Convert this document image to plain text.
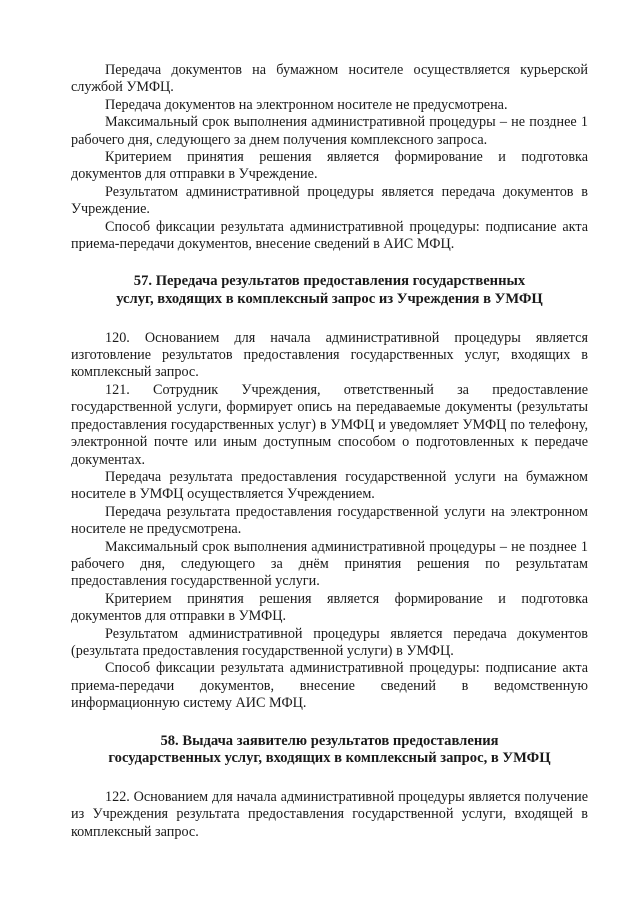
Передача документов на бумажном носителе осуществляется курьерской службой УМФЦ.

Передача документов на электронном носителе не предусмотрена.

Максимальный срок выполнения административной процедуры – не позднее 1 рабочего дня, следующего за днем получения комплексного запроса.

Критерием принятия решения является формирование и подготовка документов для отправки в Учреждение.

Результатом административной процедуры является передача документов в Учреждение.

Способ фиксации результата административной процедуры: подписание акта приема-передачи документов, внесение сведений в АИС МФЦ.

57. Передача результатов предоставления государственных

услуг, входящих в комплексный запрос из Учреждения в УМФЦ

120. Основанием для начала административной процедуры является изготовление результатов предоставления государственных услуг, входящих в комплексный запрос.

121. Сотрудник Учреждения, ответственный за предоставление государственной услуги, формирует опись на передаваемые документы (результаты предоставления государственных услуг) в УМФЦ и уведомляет УМФЦ по телефону, электронной почте или иным доступным способом о подготовленных к передаче документах.

Передача результата предоставления государственной услуги на бумажном носителе в УМФЦ осуществляется Учреждением.

Передача результата предоставления государственной услуги на электронном носителе не предусмотрена.

Максимальный срок выполнения административной процедуры – не позднее 1 рабочего дня, следующего за днём принятия решения по результатам предоставления государственной услуги.

Критерием принятия решения является формирование и подготовка документов для отправки в УМФЦ.

Результатом административной процедуры является передача документов (результата предоставления государственной услуги) в УМФЦ.

Способ фиксации результата административной процедуры: подписание акта приема-передачи документов, внесение сведений в ведомственную информационную систему АИС МФЦ.

58. Выдача заявителю результатов предоставления

государственных услуг, входящих в комплексный запрос, в УМФЦ

122. Основанием для начала административной процедуры является получение из Учреждения результата предоставления государственной услуги, входящей в комплексный запрос.
